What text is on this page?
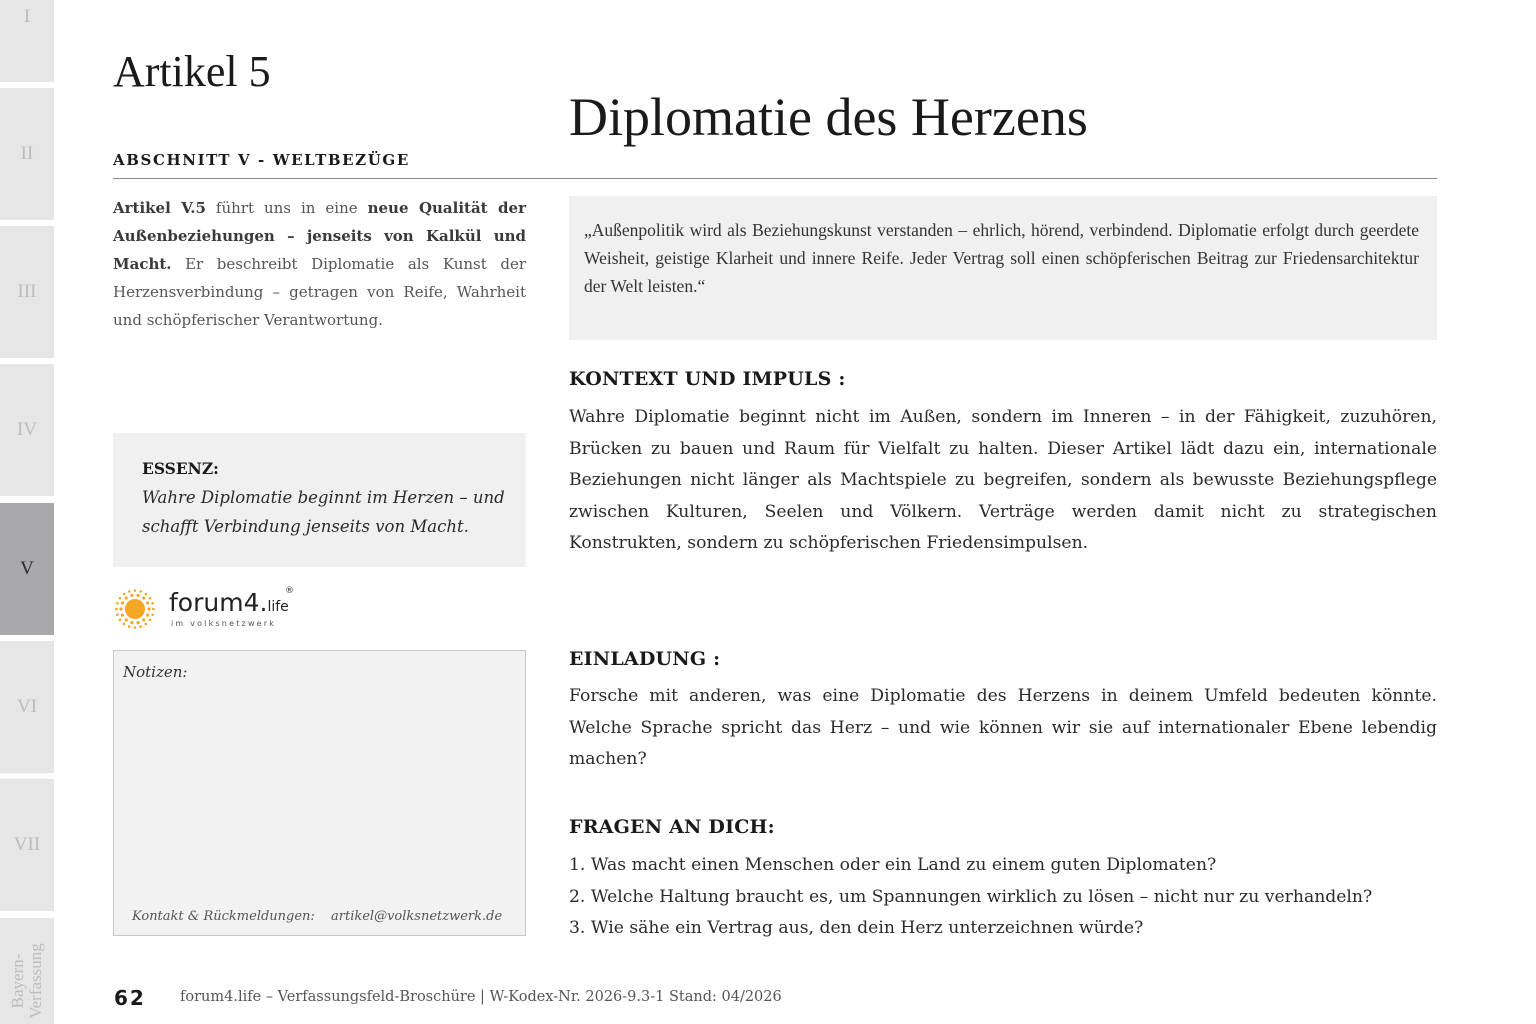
I
II
III
IV
V
VI
VII
Bayern-
Verfassung
Artikel 5
Diplomatie des Herzens
ABSCHNITT V - WELTBEZÜGE

Artikel V.5 führt uns in eine neue Qualität der Außenbeziehungen – jenseits von Kalkül und Macht. Er beschreibt Diplomatie als Kunst der Herzensverbindung – getragen von Reife, Wahrheit und schöpferischer Verantwortung.

„Außenpolitik wird als Beziehungskunst verstanden – ehrlich, hörend, verbindend. Diplomatie erfolgt durch geerdete Weisheit, geistige Klarheit und innere Reife. Jeder Vertrag soll einen schöpferischen Beitrag zur Friedensarchitektur der Welt leisten.“

ESSENZ:
Wahre Diplomatie beginnt im Herzen – und schafft Verbindung jenseits von Macht.
forum4.life
®
im volksnetzwerk
Notizen:
Kontakt & Rückmeldungen: artikel@volksnetzwerk.de
KONTEXT UND IMPULS :

Wahre Diplomatie beginnt nicht im Außen, sondern im Inneren – in der Fähigkeit, zuzuhören, Brücken zu bauen und Raum für Vielfalt zu halten. Dieser Artikel lädt dazu ein, internationale Beziehungen nicht länger als Machtspiele zu begreifen, sondern als bewusste Beziehungspflege zwischen Kulturen, Seelen und Völkern. Verträge werden damit nicht zu strategischen Konstrukten, sondern zu schöpferischen Friedensimpulsen.

EINLADUNG :

Forsche mit anderen, was eine Diplomatie des Herzens in deinem Umfeld bedeuten könnte. Welche Sprache spricht das Herz – und wie können wir sie auf internationaler Ebene lebendig machen?

FRAGEN AN DICH:
1. Was macht einen Menschen oder ein Land zu einem guten Diplomaten?
2. Welche Haltung braucht es, um Spannungen wirklich zu lösen – nicht nur zu verhandeln?
3. Wie sähe ein Vertrag aus, den dein Herz unterzeichnen würde?
62 forum4.life – Verfassungsfeld-Broschüre | W-Kodex-Nr. 2026-9.3-1 Stand: 04/2026
